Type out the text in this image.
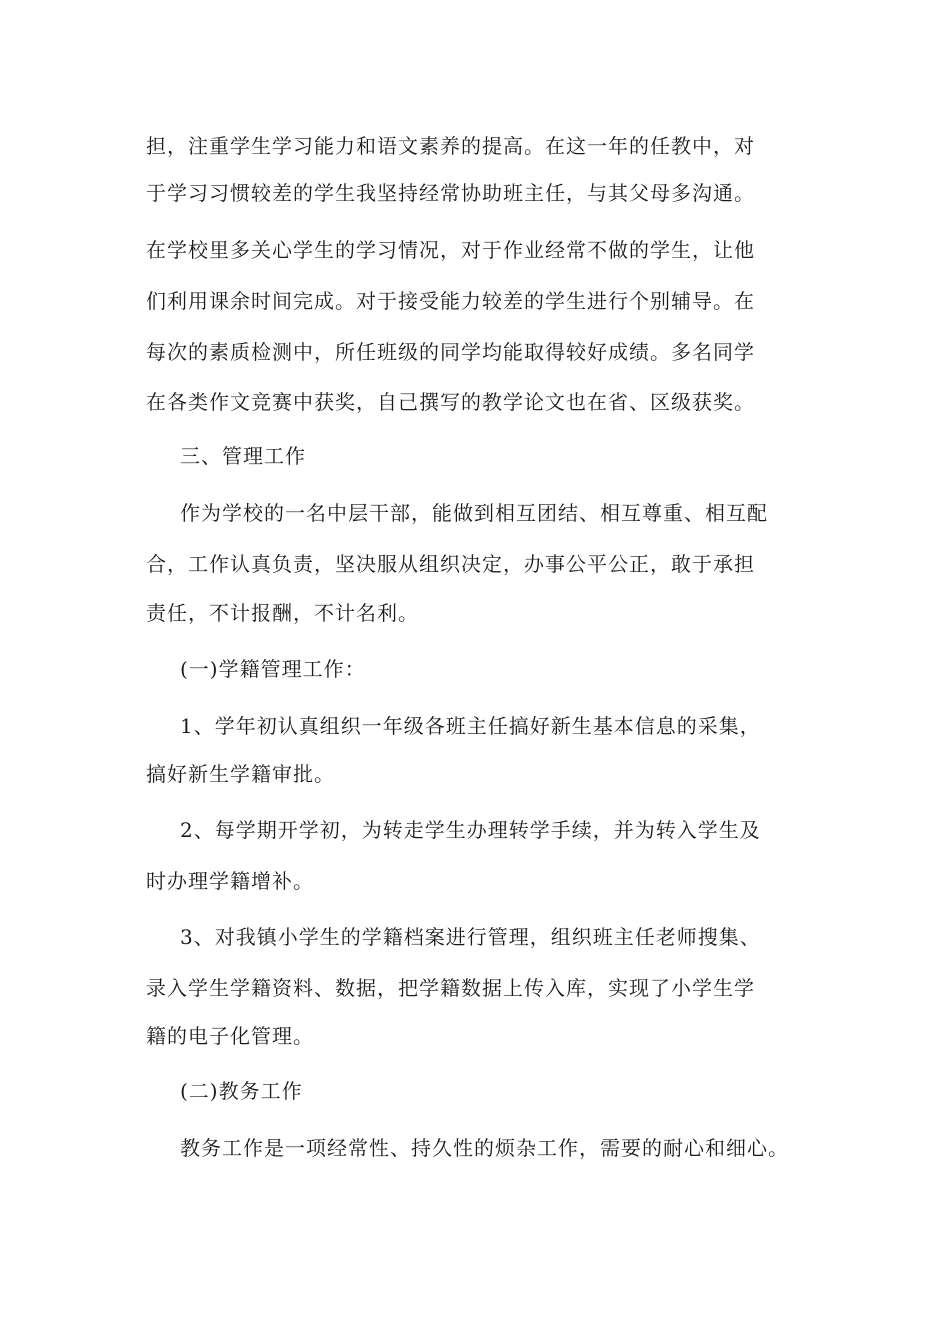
担，注重学生学习能力和语文素养的提高。在这一年的任教中，对
于学习习惯较差的学生我坚持经常协助班主任，与其父母多沟通。
在学校里多关心学生的学习情况，对于作业经常不做的学生，让他
们利用课余时间完成。对于接受能力较差的学生进行个别辅导。在
每次的素质检测中，所任班级的同学均能取得较好成绩。多名同学
在各类作文竞赛中获奖，自己撰写的教学论文也在省、区级获奖。
三、管理工作
作为学校的一名中层干部，能做到相互团结、相互尊重、相互配
合，工作认真负责，坚决服从组织决定，办事公平公正，敢于承担
责任，不计报酬，不计名利。
(一)学籍管理工作：
1、学年初认真组织一年级各班主任搞好新生基本信息的采集，
搞好新生学籍审批。
2、每学期开学初，为转走学生办理转学手续，并为转入学生及
时办理学籍增补。
3、对我镇小学生的学籍档案进行管理，组织班主任老师搜集、
录入学生学籍资料、数据，把学籍数据上传入库，实现了小学生学
籍的电子化管理。
(二)教务工作
教务工作是一项经常性、持久性的烦杂工作，需要的耐心和细心。
